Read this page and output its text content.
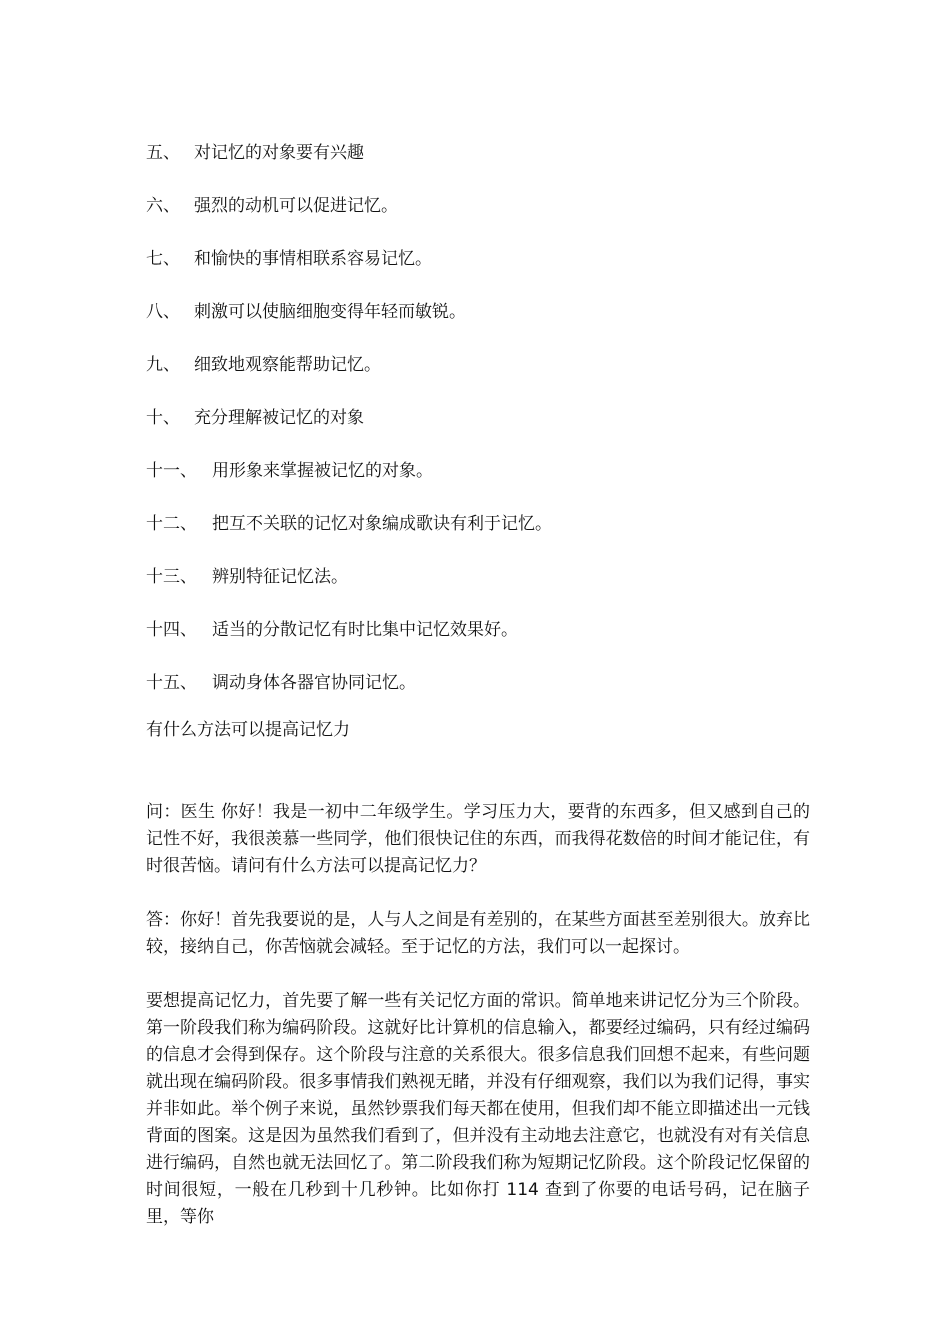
五、 对记忆的对象要有兴趣
六、 强烈的动机可以促进记忆。
七、 和愉快的事情相联系容易记忆。
八、 刺激可以使脑细胞变得年轻而敏锐。
九、 细致地观察能帮助记忆。
十、 充分理解被记忆的对象
十一、 用形象来掌握被记忆的对象。
十二、 把互不关联的记忆对象编成歌诀有利于记忆。
十三、 辨别特征记忆法。
十四、 适当的分散记忆有时比集中记忆效果好。
十五、 调动身体各器官协同记忆。
有什么方法可以提高记忆力

问：医生 你好！我是一初中二年级学生。学习压力大，要背的东西多，但又感到自己的记性不好，我很羡慕一些同学，他们很快记住的东西，而我得花数倍的时间才能记住，有时很苦恼。请问有什么方法可以提高记忆力？

答：你好！首先我要说的是，人与人之间是有差别的，在某些方面甚至差别很大。放弃比较，接纳自己，你苦恼就会减轻。至于记忆的方法，我们可以一起探讨。

要想提高记忆力，首先要了解一些有关记忆方面的常识。简单地来讲记忆分为三个阶段。第一阶段我们称为编码阶段。这就好比计算机的信息输入，都要经过编码，只有经过编码的信息才会得到保存。这个阶段与注意的关系很大。很多信息我们回想不起来，有些问题就出现在编码阶段。很多事情我们熟视无睹，并没有仔细观察，我们以为我们记得，事实并非如此。举个例子来说，虽然钞票我们每天都在使用，但我们却不能立即描述出一元钱背面的图案。这是因为虽然我们看到了，但并没有主动地去注意它，也就没有对有关信息进行编码，自然也就无法回忆了。第二阶段我们称为短期记忆阶段。这个阶段记忆保留的时间很短，一般在几秒到十几秒钟。比如你打 114 查到了你要的电话号码，记在脑子里，等你
